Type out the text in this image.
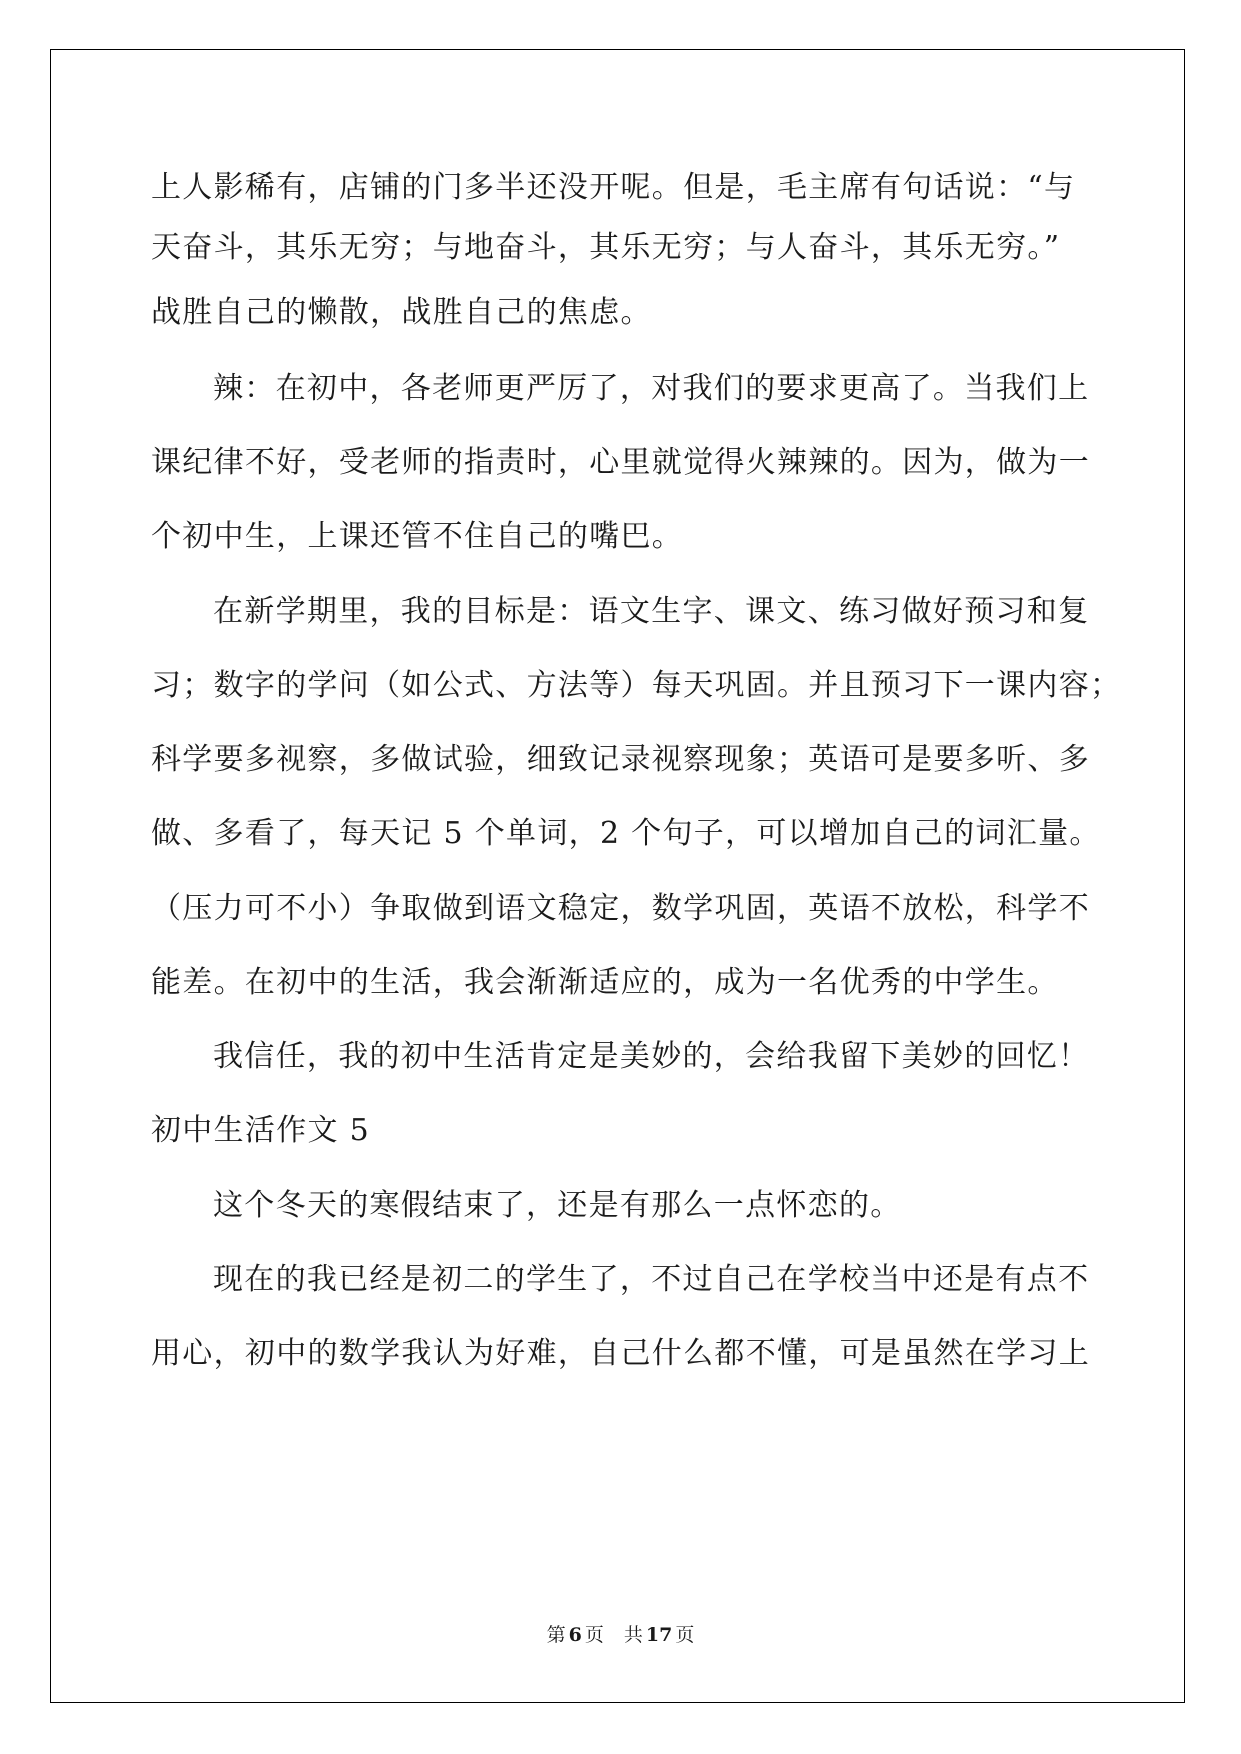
上人影稀有，店铺的门多半还没开呢。但是，毛主席有句话说：“与
天奋斗，其乐无穷；与地奋斗，其乐无穷；与人奋斗，其乐无穷。”
战胜自己的懒散，战胜自己的焦虑。
辣：在初中，各老师更严厉了，对我们的要求更高了。当我们上
课纪律不好，受老师的指责时，心里就觉得火辣辣的。因为，做为一
个初中生，上课还管不住自己的嘴巴。
在新学期里，我的目标是：语文生字、课文、练习做好预习和复
习；数字的学问（如公式、方法等）每天巩固。并且预习下一课内容；
科学要多视察，多做试验，细致记录视察现象；英语可是要多听、多
做、多看了，每天记 5 个单词，2 个句子，可以增加自己的词汇量。
（压力可不小）争取做到语文稳定，数学巩固，英语不放松，科学不
能差。在初中的生活，我会渐渐适应的，成为一名优秀的中学生。
我信任，我的初中生活肯定是美妙的，会给我留下美妙的回忆！
初中生活作文 5
这个冬天的寒假结束了，还是有那么一点怀恋的。
现在的我已经是初二的学生了，不过自己在学校当中还是有点不
用心，初中的数学我认为好难，自己什么都不懂，可是虽然在学习上
第 6 页 共 17 页
